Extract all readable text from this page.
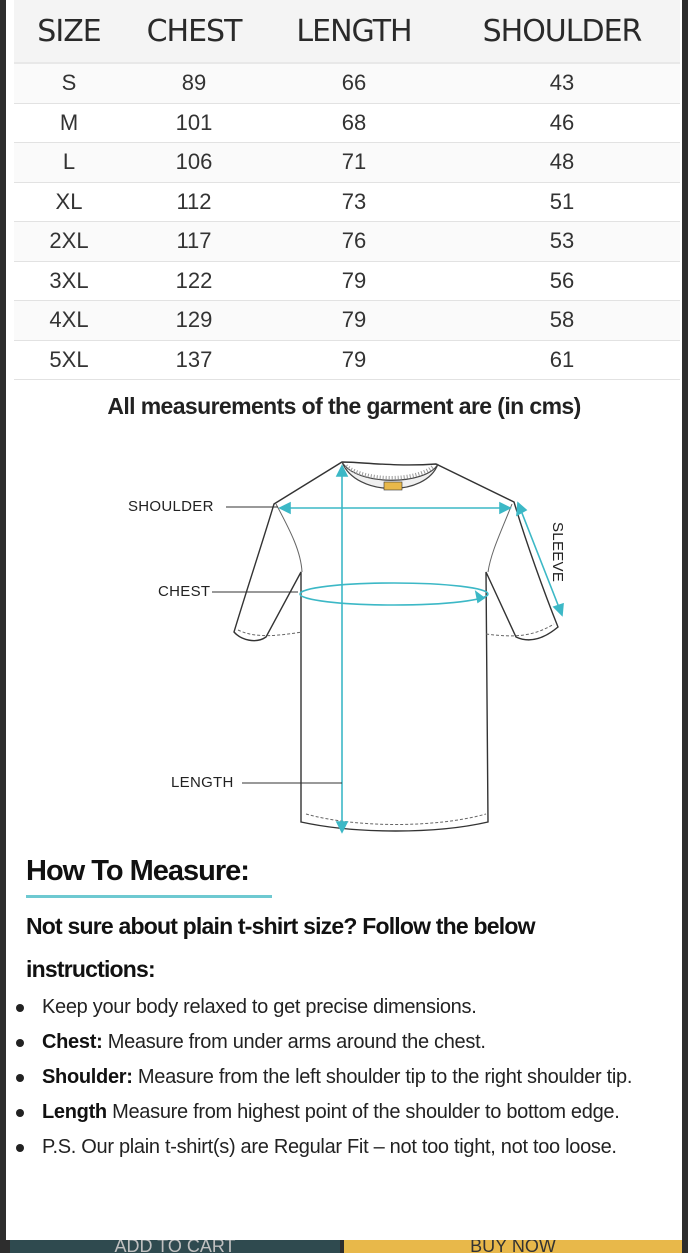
SIZE	CHEST	LENGTH	SHOULDER
S	89	66	43
M	101	68	46
L	106	71	48
XL	112	73	51
2XL	117	76	53
3XL	122	79	56
4XL	129	79	58
5XL	137	79	61
All measurements of the garment are (in cms)
SHOULDER
CHEST
LENGTH
SLEEVE
How To Measure:
Not sure about plain t-shirt size? Follow the below instructions:
Keep your body relaxed to get precise dimensions.
Chest: Measure from under arms around the chest.
Shoulder: Measure from the left shoulder tip to the right shoulder tip.
Length Measure from highest point of the shoulder to bottom edge.
P.S. Our plain t-shirt(s) are Regular Fit – not too tight, not too loose.
ADD TO CART	BUY NOW
